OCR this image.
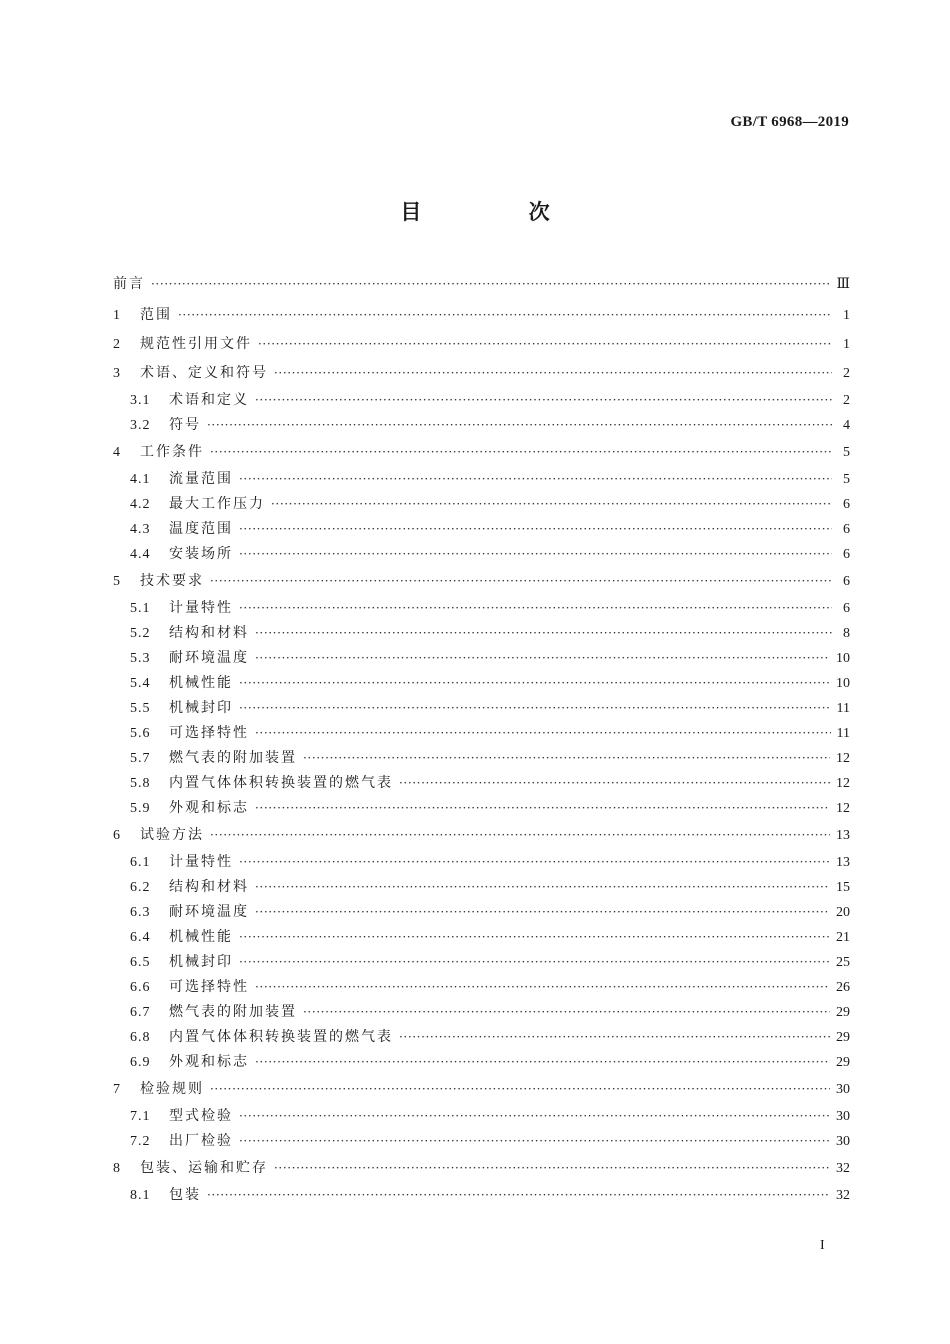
GB/T 6968—2019
目 次
前言 ·····	Ⅲ
1	范围 ·····	1
2	规范性引用文件 ·····	1
3	术语、定义和符号 ·····	2
3.1	术语和定义 ·····	2
3.2	符号 ·····	4
4	工作条件 ·····	5
4.1	流量范围 ·····	5
4.2	最大工作压力 ·····	6
4.3	温度范围 ·····	6
4.4	安装场所 ·····	6
5	技术要求 ·····	6
5.1	计量特性 ·····	6
5.2	结构和材料 ·····	8
5.3	耐环境温度 ·····	10
5.4	机械性能 ·····	10
5.5	机械封印 ·····	11
5.6	可选择特性 ·····	11
5.7	燃气表的附加装置 ·····	12
5.8	内置气体体积转换装置的燃气表 ·····	12
5.9	外观和标志 ·····	12
6	试验方法 ·····	13
6.1	计量特性 ·····	13
6.2	结构和材料 ·····	15
6.3	耐环境温度 ·····	20
6.4	机械性能 ·····	21
6.5	机械封印 ·····	25
6.6	可选择特性 ·····	26
6.7	燃气表的附加装置 ·····	29
6.8	内置气体体积转换装置的燃气表 ·····	29
6.9	外观和标志 ·····	29
7	检验规则 ·····	30
7.1	型式检验 ·····	30
7.2	出厂检验 ·····	30
8	包装、运输和贮存 ·····	32
8.1	包装 ·····	32
I
